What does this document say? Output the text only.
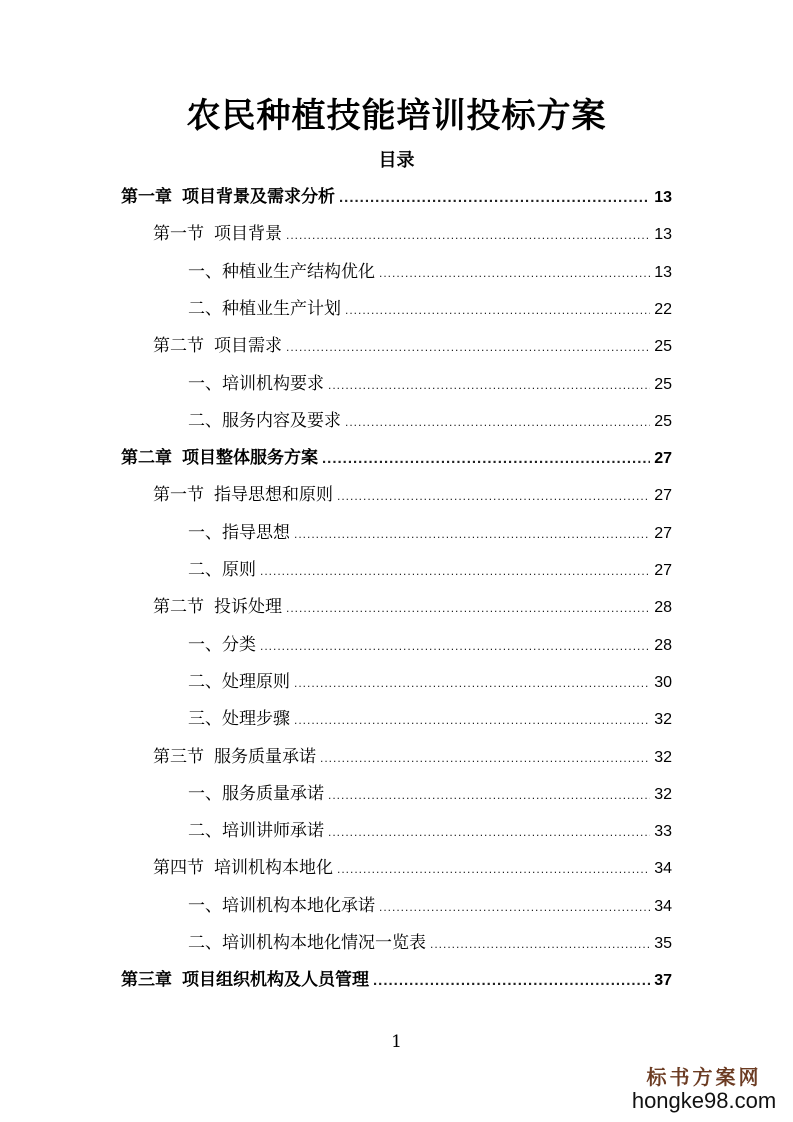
农民种植技能培训投标方案
目录
第一章 项目背景及需求分析 .....	13
第一节 项目背景 .....	13
一、种植业生产结构优化 .....	13
二、种植业生产计划 .....	22
第二节 项目需求 .....	25
一、培训机构要求 .....	25
二、服务内容及要求 .....	25
第二章 项目整体服务方案 .....	27
第一节 指导思想和原则 .....	27
一、指导思想 .....	27
二、原则 .....	27
第二节 投诉处理 .....	28
一、分类 .....	28
二、处理原则 .....	30
三、处理步骤 .....	32
第三节 服务质量承诺 .....	32
一、服务质量承诺 .....	32
二、培训讲师承诺 .....	33
第四节 培训机构本地化 .....	34
一、培训机构本地化承诺 .....	34
二、培训机构本地化情况一览表 .....	35
第三章 项目组织机构及人员管理 .....	37
1
标书方案网
hongke98.com
